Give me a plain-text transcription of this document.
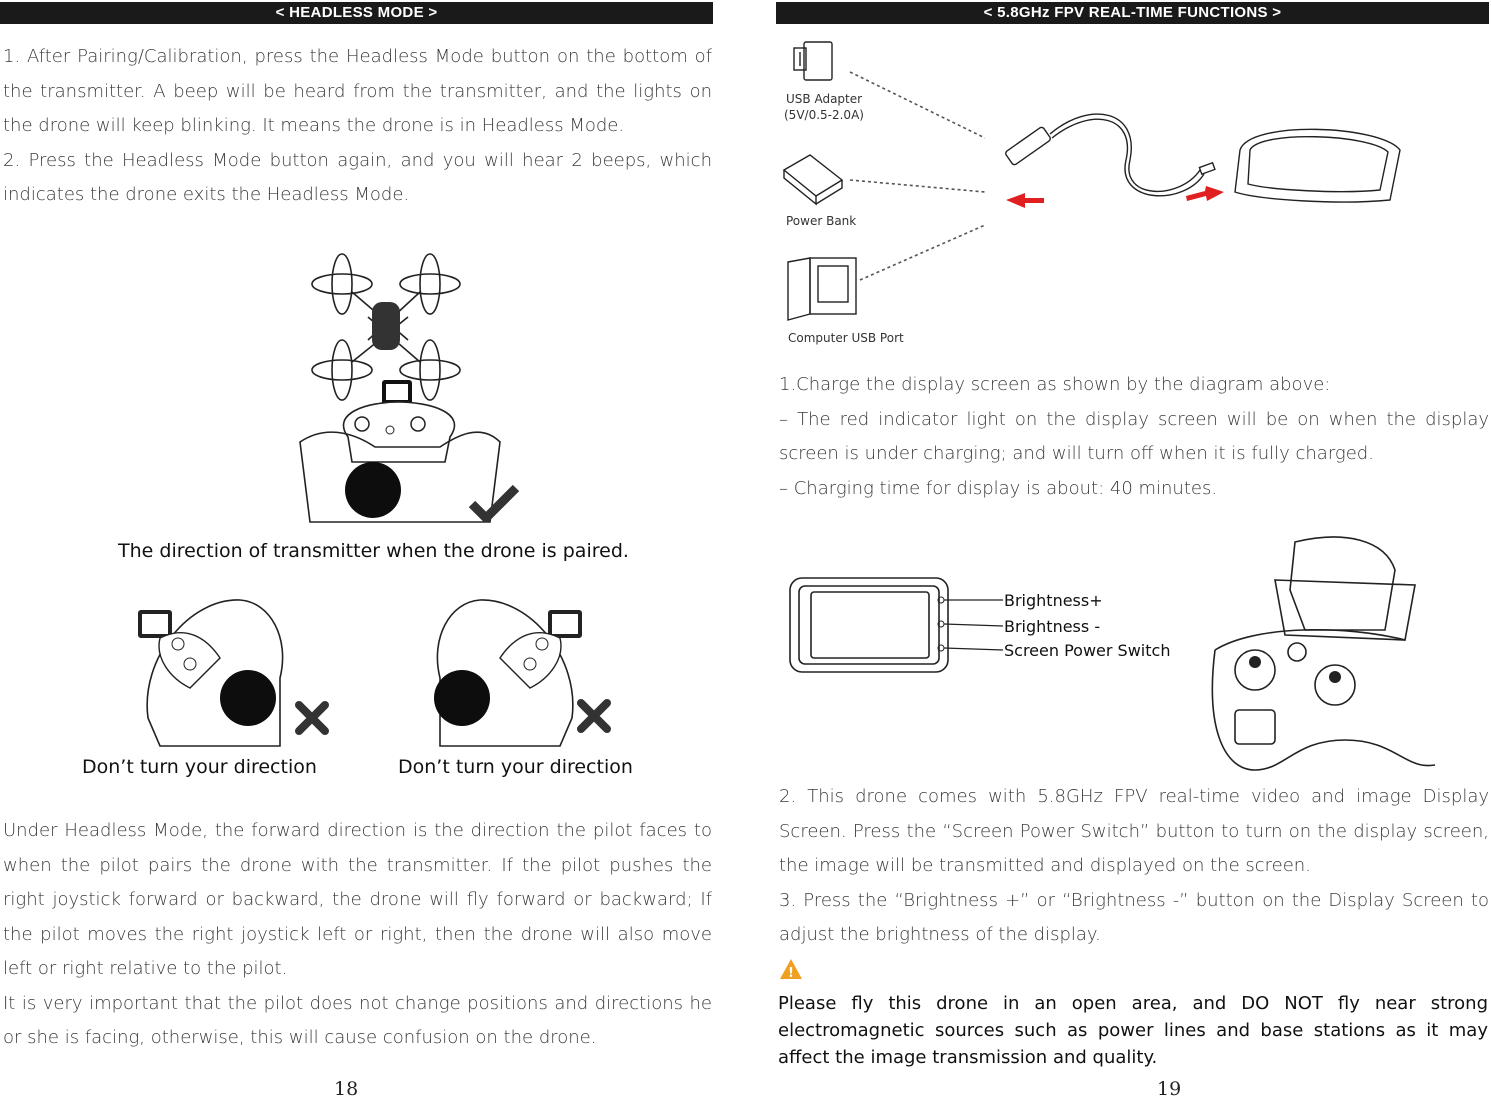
< HEADLESS MODE >

1. After Pairing/Calibration, press the Headless Mode button on the bottom of the transmitter. A beep will be heard from the transmitter, and the lights on the drone will keep blinking. It means the drone is in Headless Mode.

2. Press the Headless Mode button again, and you will hear 2 beeps, which indicates the drone exits the Headless Mode.

The direction of transmitter when the drone is paired.
Don’t turn your direction	Don’t turn your direction

Under Headless Mode, the forward direction is the direction the pilot faces to when the pilot pairs the drone with the transmitter. If the pilot pushes the right joystick forward or backward, the drone will fly forward or backward; If the pilot moves the right joystick left or right, then the drone will also move left or right relative to the pilot.

It is very important that the pilot does not change positions and directions he or she is facing, otherwise, this will cause confusion on the drone.

18
< 5.8GHz FPV REAL-TIME FUNCTIONS >
USB Adapter
(5V/0.5-2.0A)
Power Bank
Computer USB Port

1.Charge the display screen as shown by the diagram above:

– The red indicator light on the display screen will be on when the display screen is under charging; and will turn off when it is fully charged.

– Charging time for display is about: 40 minutes.

Brightness+
Brightness -
Screen Power Switch

2. This drone comes with 5.8GHz FPV real-time video and image Display Screen. Press the “Screen Power Switch” button to turn on the display screen, the image will be transmitted and displayed on the screen.

3. Press the “Brightness +” or “Brightness -” button on the Display Screen to adjust the brightness of the display.

!
Please fly this drone in an open area, and DO NOT fly near strong electromagnetic sources such as power lines and base stations as it may affect the image transmission and quality.
19
